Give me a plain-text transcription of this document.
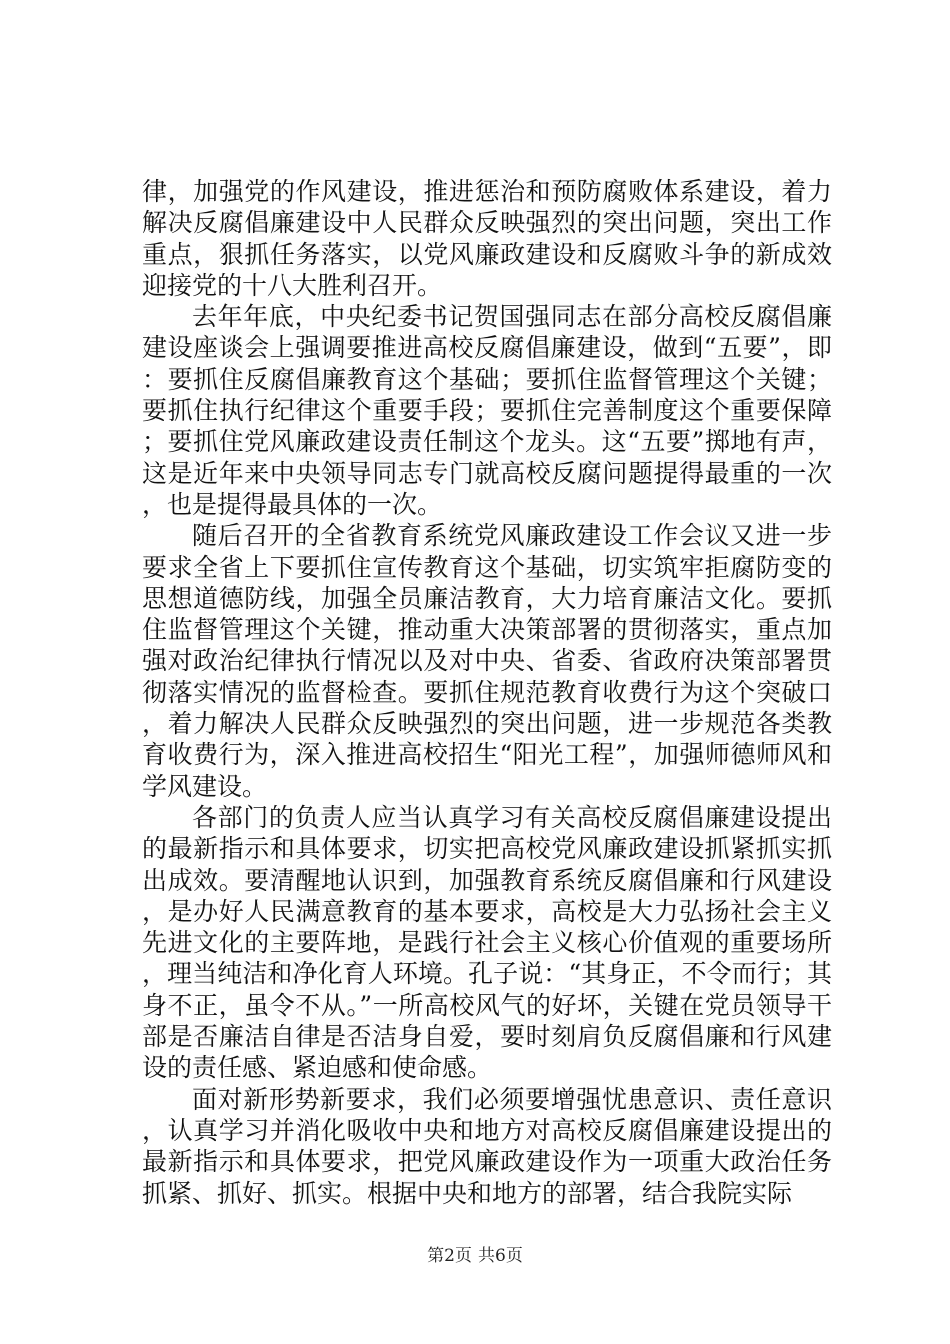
律，加强党的作风建设，推进惩治和预防腐败体系建设，着力解决反腐倡廉建设中人民群众反映强烈的突出问题，突出工作重点，狠抓任务落实，以党风廉政建设和反腐败斗争的新成效迎接党的十八大胜利召开。

去年年底，中央纪委书记贺国强同志在部分高校反腐倡廉建设座谈会上强调要推进高校反腐倡廉建设，做到“五要”，即：要抓住反腐倡廉教育这个基础；要抓住监督管理这个关键；要抓住执行纪律这个重要手段；要抓住完善制度这个重要保障；要抓住党风廉政建设责任制这个龙头。这“五要”掷地有声，这是近年来中央领导同志专门就高校反腐问题提得最重的一次，也是提得最具体的一次。

随后召开的全省教育系统党风廉政建设工作会议又进一步要求全省上下要抓住宣传教育这个基础，切实筑牢拒腐防变的思想道德防线，加强全员廉洁教育，大力培育廉洁文化。要抓住监督管理这个关键，推动重大决策部署的贯彻落实，重点加强对政治纪律执行情况以及对中央、省委、省政府决策部署贯彻落实情况的监督检查。要抓住规范教育收费行为这个突破口，着力解决人民群众反映强烈的突出问题，进一步规范各类教育收费行为，深入推进高校招生“阳光工程”，加强师德师风和学风建设。

各部门的负责人应当认真学习有关高校反腐倡廉建设提出的最新指示和具体要求，切实把高校党风廉政建设抓紧抓实抓出成效。要清醒地认识到，加强教育系统反腐倡廉和行风建设，是办好人民满意教育的基本要求，高校是大力弘扬社会主义先进文化的主要阵地，是践行社会主义核心价值观的重要场所，理当纯洁和净化育人环境。孔子说：“其身正，不令而行；其身不正，虽令不从。”一所高校风气的好坏，关键在党员领导干部是否廉洁自律是否洁身自爱，要时刻肩负反腐倡廉和行风建设的责任感、紧迫感和使命感。

面对新形势新要求，我们必须要增强忧患意识、责任意识，认真学习并消化吸收中央和地方对高校反腐倡廉建设提出的最新指示和具体要求，把党风廉政建设作为一项重大政治任务抓紧、抓好、抓实。根据中央和地方的部署，结合我院实际

第2页 共6页
